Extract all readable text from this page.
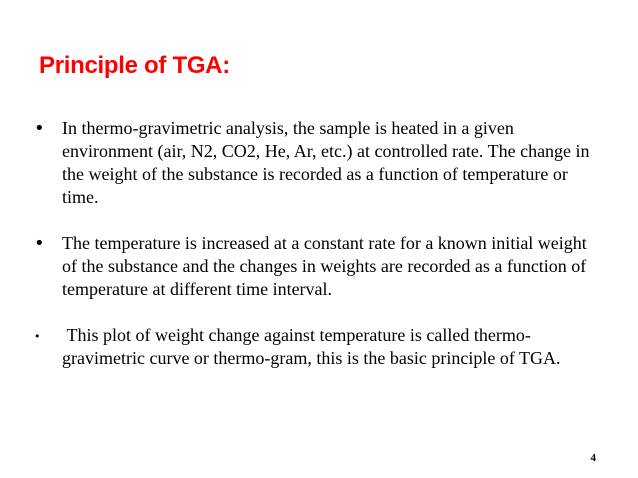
Principle of TGA:
• In thermo-gravimetric analysis, the sample is heated in a given environment (air, N2, CO2, He, Ar, etc.) at controlled rate. The change in the weight of the substance is recorded as a function of temperature or time.
• The temperature is increased at a constant rate for a known initial weight of the substance and the changes in weights are recorded as a function of temperature at different time interval.
• This plot of weight change against temperature is called thermo-gravimetric curve or thermo-gram, this is the basic principle of TGA.
4
